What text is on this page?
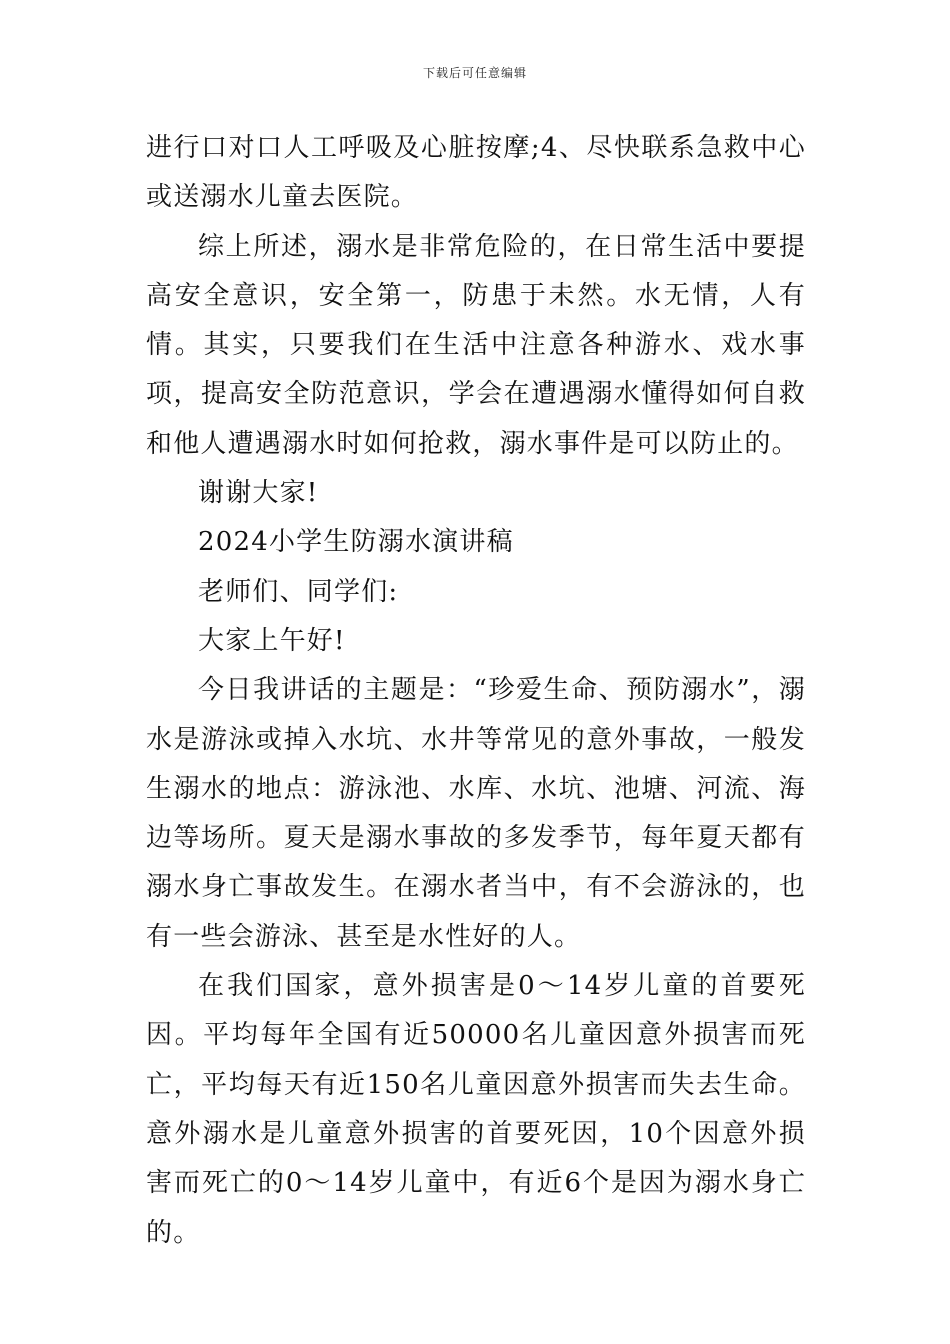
下载后可任意编辑

进行口对口人工呼吸及心脏按摩;4、尽快联系急救中心或送溺水儿童去医院。

综上所述，溺水是非常危险的，在日常生活中要提高安全意识，安全第一，防患于未然。水无情，人有情。其实，只要我们在生活中注意各种游水、戏水事项，提高安全防范意识，学会在遭遇溺水懂得如何自救和他人遭遇溺水时如何抢救，溺水事件是可以防止的。

谢谢大家!

2024小学生防溺水演讲稿

老师们、同学们:

大家上午好!

今日我讲话的主题是：“珍爱生命、预防溺水”，溺水是游泳或掉入水坑、水井等常见的意外事故，一般发生溺水的地点：游泳池、水库、水坑、池塘、河流、海边等场所。夏天是溺水事故的多发季节，每年夏天都有溺水身亡事故发生。在溺水者当中，有不会游泳的，也有一些会游泳、甚至是水性好的人。

在我们国家，意外损害是0～14岁儿童的首要死因。平均每年全国有近50000名儿童因意外损害而死亡，平均每天有近150名儿童因意外损害而失去生命。意外溺水是儿童意外损害的首要死因，10个因意外损害而死亡的0～14岁儿童中，有近6个是因为溺水身亡的。
